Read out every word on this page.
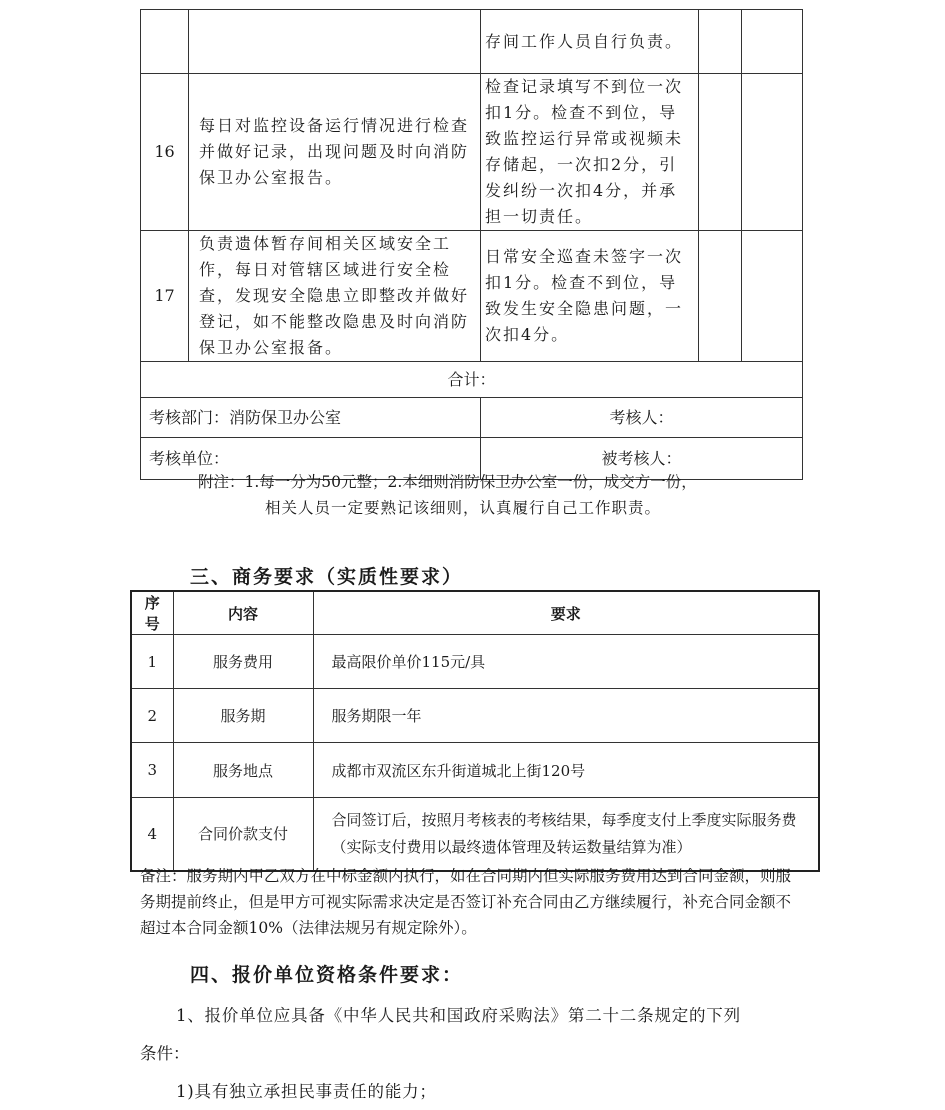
		存间工作人员自行负责。		
16	每日对监控设备运行情况进行检查并做好记录，出现问题及时向消防保卫办公室报告。	检查记录填写不到位一次扣1分。检查不到位，导致监控运行异常或视频未存储起，一次扣2分，引发纠纷一次扣4分，并承担一切责任。		
17	负责遗体暂存间相关区域安全工作，每日对管辖区域进行安全检查，发现安全隐患立即整改并做好登记，如不能整改隐患及时向消防保卫办公室报备。	日常安全巡查未签字一次扣1分。检查不到位，导致发生安全隐患问题，一次扣4分。		
合计：				
考核部门：消防保卫办公室		考核人：		
考核单位：		被考核人：		
附注：1.每一分为50元整；2.本细则消防保卫办公室一份，成交方一份，
相关人员一定要熟记该细则，认真履行自己工作职责。
三、商务要求（实质性要求）
序号	内容	要求
1	服务费用	最高限价单价115元/具
2	服务期	服务期限一年
3	服务地点	成都市双流区东升街道城北上街120号
4	合同价款支付	合同签订后，按照月考核表的考核结果，每季度支付上季度实际服务费（实际支付费用以最终遗体管理及转运数量结算为准）
备注：服务期内甲乙双方在中标金额内执行，如在合同期内但实际服务费用达到合同金额，则服务期提前终止，但是甲方可视实际需求决定是否签订补充合同由乙方继续履行，补充合同金额不超过本合同金额10%（法律法规另有规定除外）。
四、报价单位资格条件要求：
1、报价单位应具备《中华人民共和国政府采购法》第二十二条规定的下列
条件：
1)具有独立承担民事责任的能力；
